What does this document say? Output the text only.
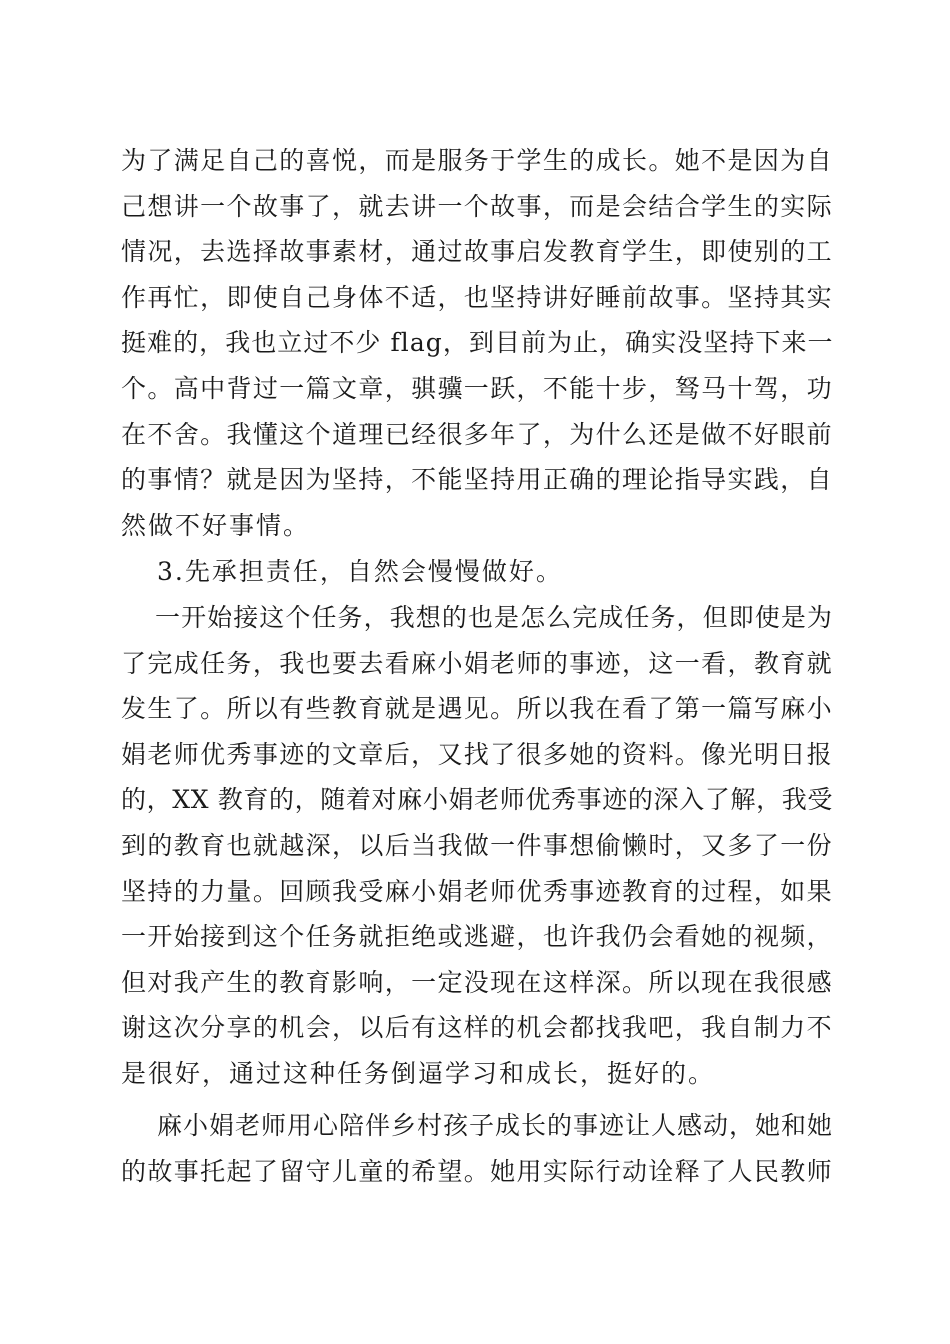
为了满足自己的喜悦，而是服务于学生的成长。她不是因为自
己想讲一个故事了，就去讲一个故事，而是会结合学生的实际
情况，去选择故事素材，通过故事启发教育学生，即使别的工
作再忙，即使自己身体不适，也坚持讲好睡前故事。坚持其实
挺难的，我也立过不少 flag，到目前为止，确实没坚持下来一
个。高中背过一篇文章，骐骥一跃，不能十步，驽马十驾，功
在不舍。我懂这个道理已经很多年了，为什么还是做不好眼前
的事情？就是因为坚持，不能坚持用正确的理论指导实践，自
然做不好事情。
3.先承担责任，自然会慢慢做好。
一开始接这个任务，我想的也是怎么完成任务，但即使是为
了完成任务，我也要去看麻小娟老师的事迹，这一看，教育就
发生了。所以有些教育就是遇见。所以我在看了第一篇写麻小
娟老师优秀事迹的文章后，又找了很多她的资料。像光明日报
的，XX 教育的，随着对麻小娟老师优秀事迹的深入了解，我受
到的教育也就越深，以后当我做一件事想偷懒时，又多了一份
坚持的力量。回顾我受麻小娟老师优秀事迹教育的过程，如果
一开始接到这个任务就拒绝或逃避，也许我仍会看她的视频，
但对我产生的教育影响，一定没现在这样深。所以现在我很感
谢这次分享的机会，以后有这样的机会都找我吧，我自制力不
是很好，通过这种任务倒逼学习和成长，挺好的。
麻小娟老师用心陪伴乡村孩子成长的事迹让人感动，她和她
的故事托起了留守儿童的希望。她用实际行动诠释了人民教师
